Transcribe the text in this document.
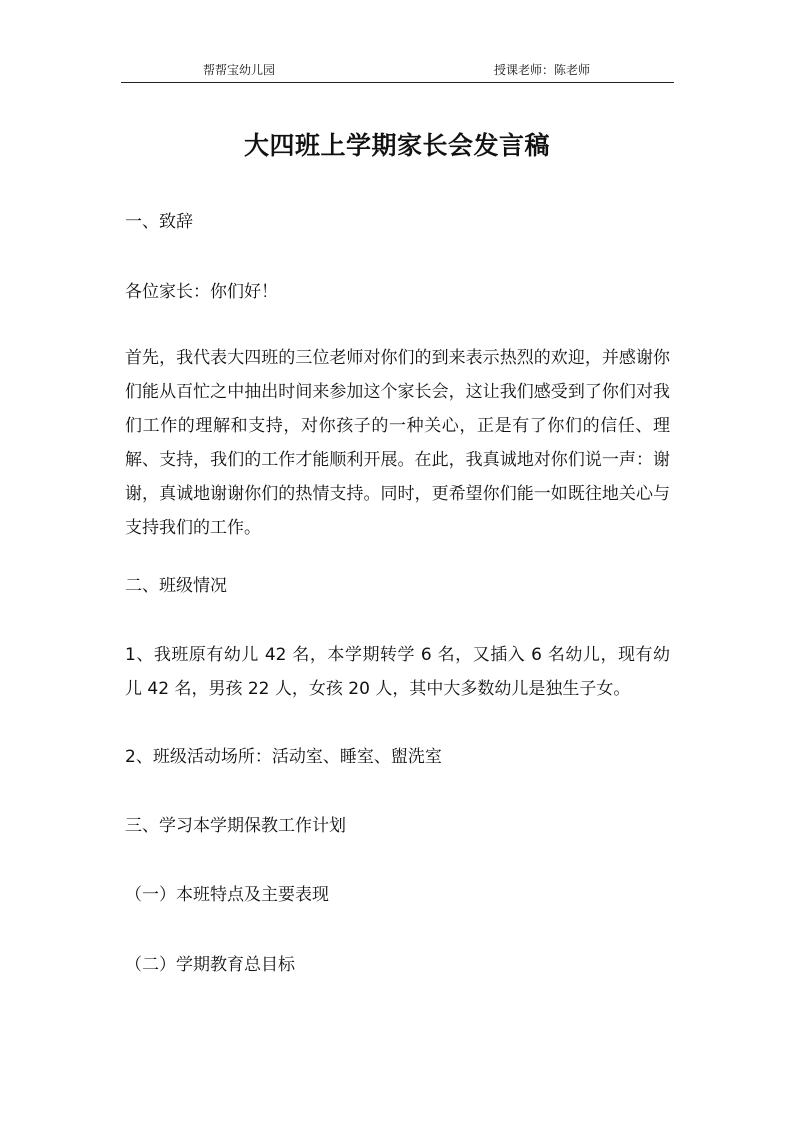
帮帮宝幼儿园	授课老师：陈老师
大四班上学期家长会发言稿

一、致辞

各位家长：你们好！

首先，我代表大四班的三位老师对你们的到来表示热烈的欢迎，并感谢你们能从百忙之中抽出时间来参加这个家长会，这让我们感受到了你们对我们工作的理解和支持，对你孩子的一种关心，正是有了你们的信任、理解、支持，我们的工作才能顺利开展。在此，我真诚地对你们说一声：谢谢，真诚地谢谢你们的热情支持。同时，更希望你们能一如既往地关心与支持我们的工作。

二、班级情况

1、我班原有幼儿 42 名，本学期转学 6 名，又插入 6 名幼儿，现有幼儿 42 名，男孩 22 人，女孩 20 人，其中大多数幼儿是独生子女。

2、班级活动场所：活动室、睡室、盥洗室

三、学习本学期保教工作计划

（一）本班特点及主要表现

（二）学期教育总目标
